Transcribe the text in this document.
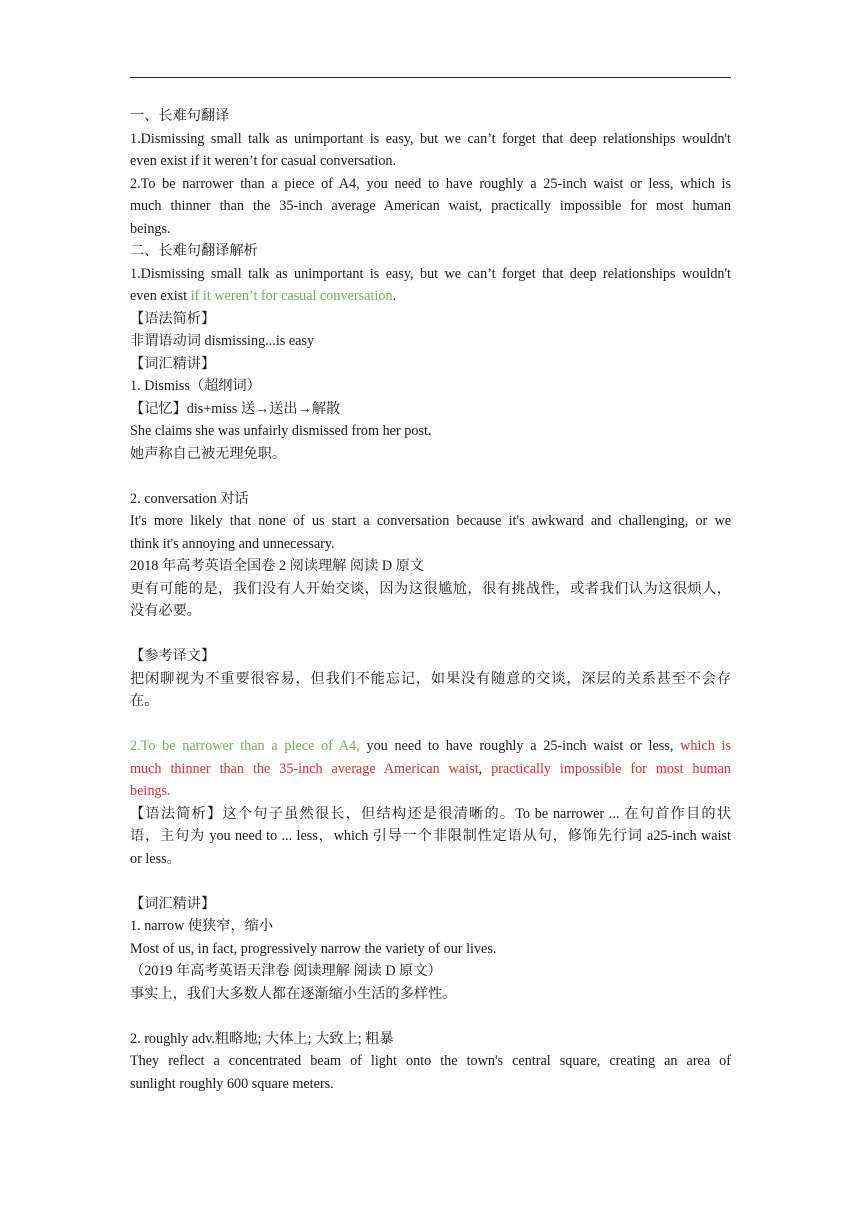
一、长难句翻译
1.Dismissing small talk as unimportant is easy, but we can’t forget that deep relationships wouldn't
even exist if it weren’t for casual conversation.
2.To be narrower than a piece of A4, you need to have roughly a 25-inch waist or less, which is
much thinner than the 35-inch average American waist, practically impossible for most human
beings.
二、长难句翻译解析
1.Dismissing small talk as unimportant is easy, but we can’t forget that deep relationships wouldn't
even exist if it weren’t for casual conversation.
【语法简析】
非谓语动词 dismissing...is easy
【词汇精讲】
1. Dismiss（超纲词）
【记忆】dis+miss 送→送出→解散
She claims she was unfairly dismissed from her post.
她声称自己被无理免职。
2. conversation 对话
It's more likely that none of us start a conversation because it's awkward and challenging, or we
think it's annoying and unnecessary.
2018 年高考英语全国卷 2 阅读理解 阅读 D 原文
更有可能的是，我们没有人开始交谈，因为这很尴尬，很有挑战性，或者我们认为这很烦人，
没有必要。
【参考译文】
把闲聊视为不重要很容易，但我们不能忘记，如果没有随意的交谈，深层的关系甚至不会存
在。
2.To be narrower than a piece of A4, you need to have roughly a 25-inch waist or less, which is
much thinner than the 35-inch average American waist, practically impossible for most human
beings.
【语法简析】这个句子虽然很长，但结构还是很清晰的。To be narrower ... 在句首作目的状
语，主句为 you need to ... less，which 引导一个非限制性定语从句，修饰先行词 a25-inch waist
or less。
【词汇精讲】
1. narrow 使狭窄，缩小
Most of us, in fact, progressively narrow the variety of our lives.
（2019 年高考英语天津卷 阅读理解 阅读 D 原文）
事实上，我们大多数人都在逐渐缩小生活的多样性。
2. roughly adv.粗略地; 大体上; 大致上; 粗暴
They reflect a concentrated beam of light onto the town's central square, creating an area of
sunlight roughly 600 square meters.
